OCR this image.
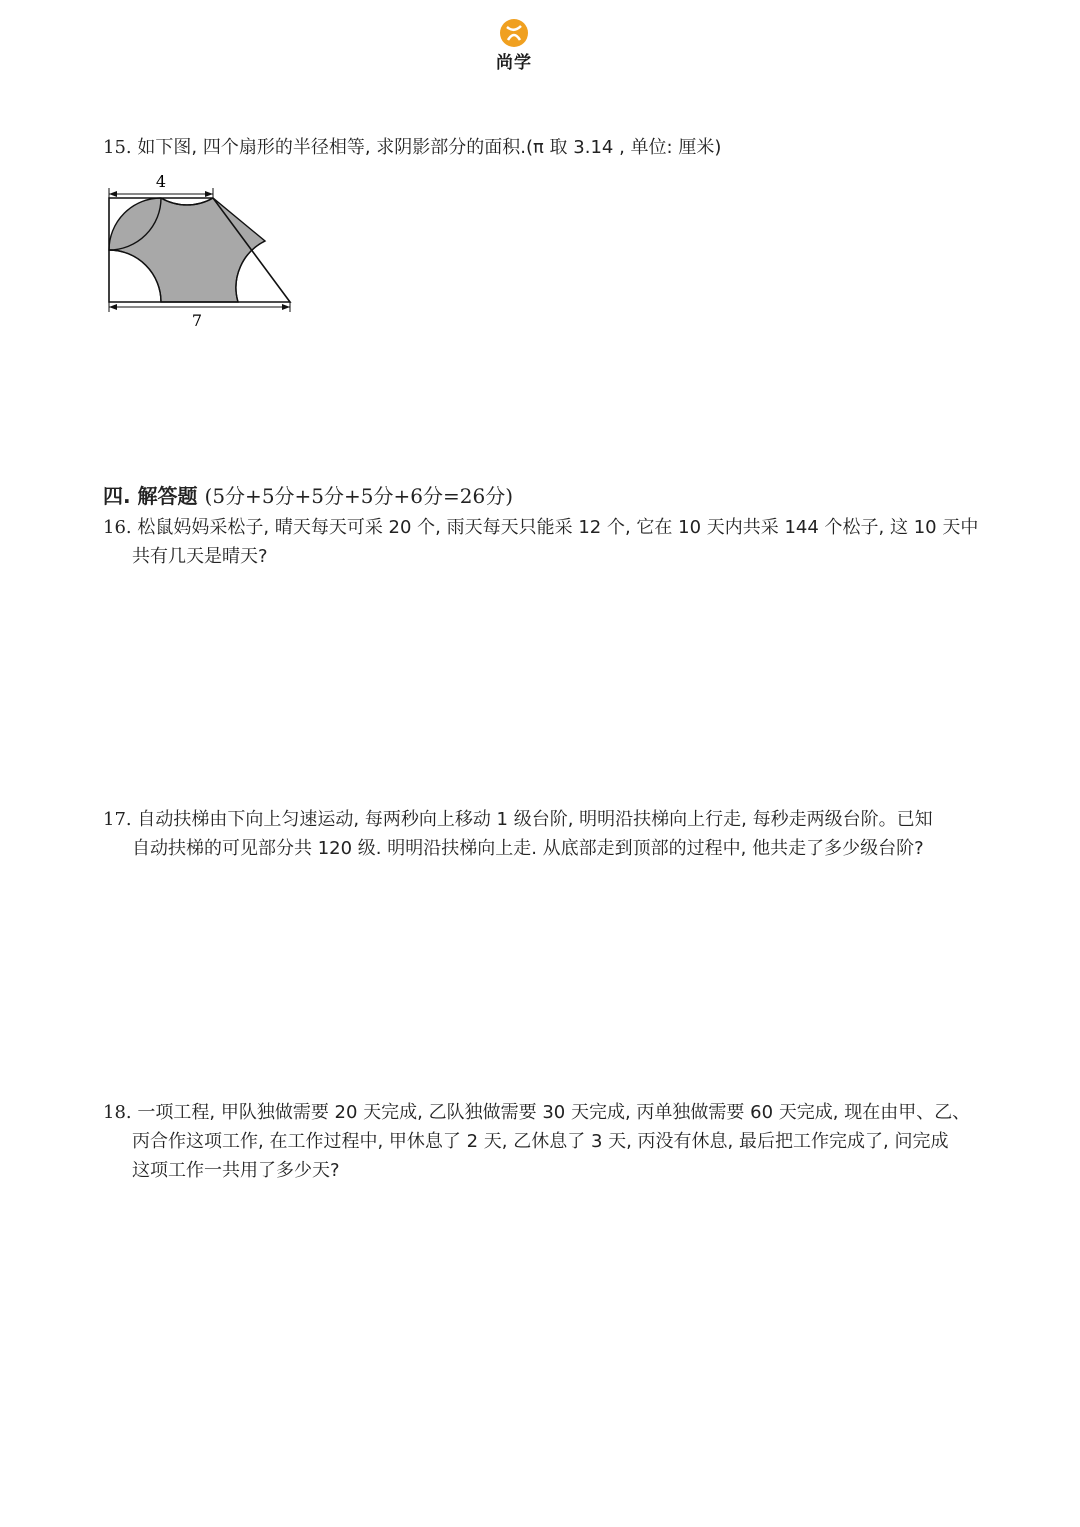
尚学
15. 如下图, 四个扇形的半径相等, 求阴影部分的面积.(π 取 3.14 , 单位: 厘米)
4
7
四. 解答题 (5分+5分+5分+5分+6分=26分)
16. 松鼠妈妈采松子, 晴天每天可采 20 个, 雨天每天只能采 12 个, 它在 10 天内共采 144 个松子, 这 10 天中
共有几天是晴天?
17. 自动扶梯由下向上匀速运动, 每两秒向上移动 1 级台阶, 明明沿扶梯向上行走, 每秒走两级台阶。已知
自动扶梯的可见部分共 120 级. 明明沿扶梯向上走. 从底部走到顶部的过程中, 他共走了多少级台阶?
18. 一项工程, 甲队独做需要 20 天完成, 乙队独做需要 30 天完成, 丙单独做需要 60 天完成, 现在由甲、乙、
丙合作这项工作, 在工作过程中, 甲休息了 2 天, 乙休息了 3 天, 丙没有休息, 最后把工作完成了, 问完成
这项工作一共用了多少天?
